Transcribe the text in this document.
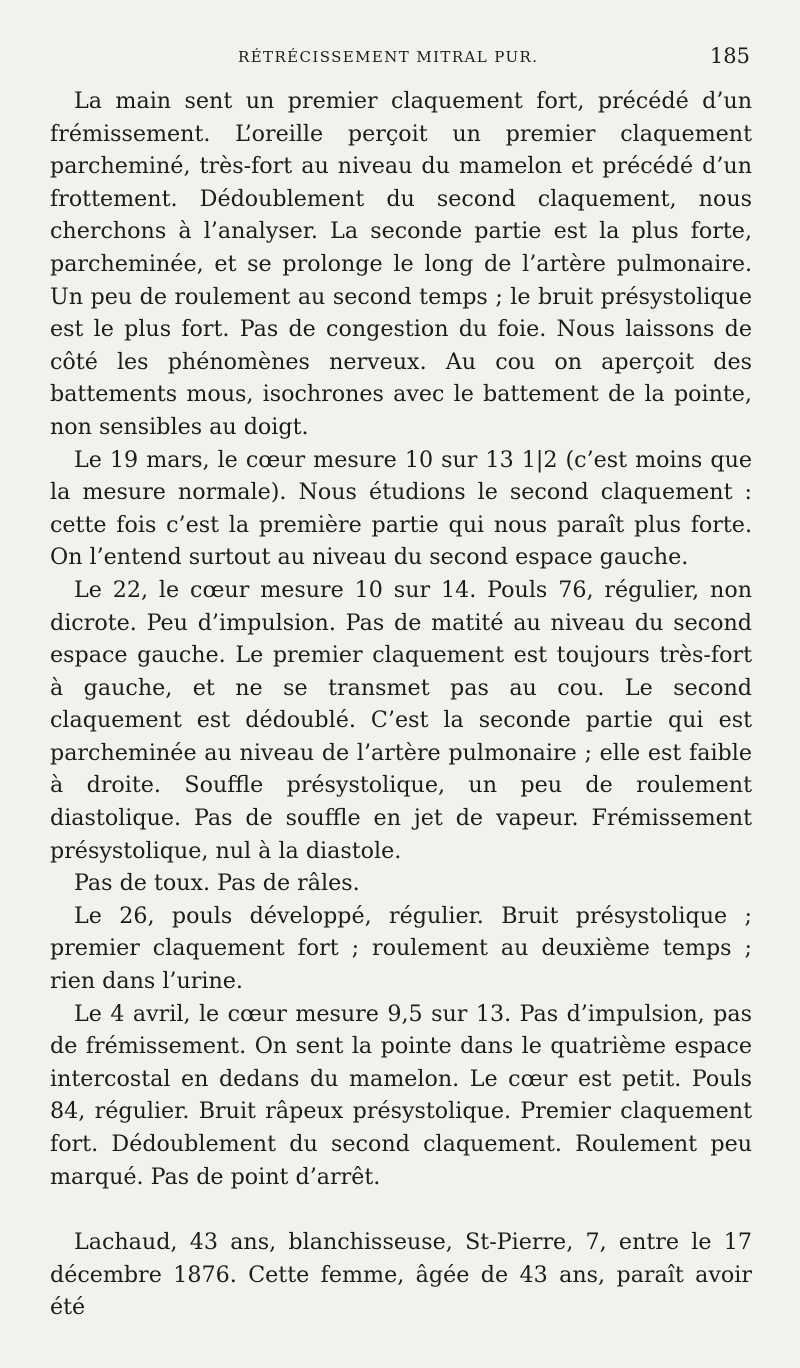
RÉTRÉCISSEMENT MITRAL PUR.	185

La main sent un premier claquement fort, précédé d’un frémissement. L’oreille perçoit un premier claquement parcheminé, très-fort au niveau du mamelon et précédé d’un frottement. Dédoublement du second claquement, nous cherchons à l’analyser. La seconde partie est la plus forte, parcheminée, et se prolonge le long de l’artère pulmonaire. Un peu de roulement au second temps ; le bruit présystolique est le plus fort. Pas de congestion du foie. Nous laissons de côté les phénomènes nerveux. Au cou on aperçoit des battements mous, isochrones avec le battement de la pointe, non sensibles au doigt.

Le 19 mars, le cœur mesure 10 sur 13 1|2 (c’est moins que la mesure normale). Nous étudions le second claquement : cette fois c’est la première partie qui nous paraît plus forte. On l’entend surtout au niveau du second espace gauche.

Le 22, le cœur mesure 10 sur 14. Pouls 76, régulier, non dicrote. Peu d’impulsion. Pas de matité au niveau du second espace gauche. Le premier claquement est toujours très-fort à gauche, et ne se transmet pas au cou. Le second claquement est dédoublé. C’est la seconde partie qui est parcheminée au niveau de l’artère pulmonaire ; elle est faible à droite. Souffle présystolique, un peu de roulement diastolique. Pas de souffle en jet de vapeur. Frémissement présystolique, nul à la diastole.

Pas de toux. Pas de râles.

Le 26, pouls développé, régulier. Bruit présystolique ; premier claquement fort ; roulement au deuxième temps ; rien dans l’urine.

Le 4 avril, le cœur mesure 9,5 sur 13. Pas d’impulsion, pas de frémissement. On sent la pointe dans le quatrième espace intercostal en dedans du mamelon. Le cœur est petit. Pouls 84, régulier. Bruit râpeux présystolique. Premier claquement fort. Dédoublement du second claquement. Roulement peu marqué. Pas de point d’arrêt.

Lachaud, 43 ans, blanchisseuse, St-Pierre, 7, entre le 17 décembre 1876. Cette femme, âgée de 43 ans, paraît avoir été
